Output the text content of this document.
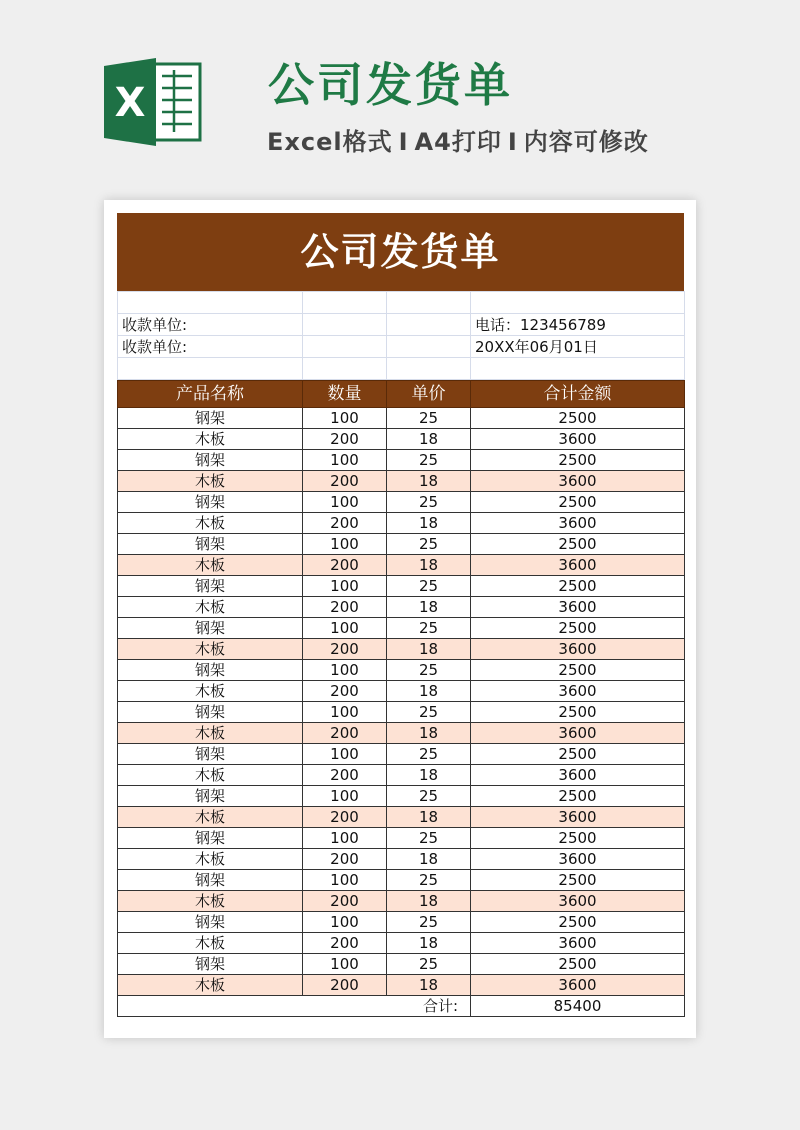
X	公司发货单
Excel格式 I A4打印 I 内容可修改
公司发货单

收款单位:			电话：123456789
收款单位:			20XX年06月01日

产品名称	数量	单价	合计金额
钢架	100	25	2500
木板	200	18	3600
钢架	100	25	2500
木板	200	18	3600
钢架	100	25	2500
木板	200	18	3600
钢架	100	25	2500
木板	200	18	3600
钢架	100	25	2500
木板	200	18	3600
钢架	100	25	2500
木板	200	18	3600
钢架	100	25	2500
木板	200	18	3600
钢架	100	25	2500
木板	200	18	3600
钢架	100	25	2500
木板	200	18	3600
钢架	100	25	2500
木板	200	18	3600
钢架	100	25	2500
木板	200	18	3600
钢架	100	25	2500
木板	200	18	3600
钢架	100	25	2500
木板	200	18	3600
钢架	100	25	2500
木板	200	18	3600
合计:			85400
